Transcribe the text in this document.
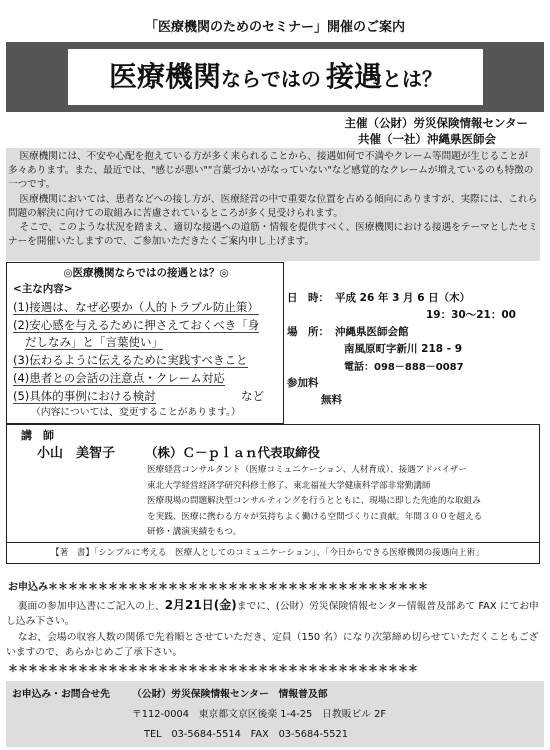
「医療機関のためのセミナー」開催のご案内
医療機関ならではの 接遇とは？
主催（公財）労災保険情報センター
共催（一社）沖縄県医師会

医療機関には、不安や心配を抱えている方が多く来られることから、接遇如何で不満やクレーム等問題が生じることが多々あります。また、最近では、"感じが悪い""言葉づかいがなっていない"など感覚的なクレームが増えているのも特徴の一つです。

医療機関においては、患者などへの接し方が、医療経営の中で重要な位置を占める傾向にありますが、実際には、これら問題の解決に向けての取組みに苦慮されているところが多く見受けられます。

そこで、このような状況を踏まえ、適切な接遇への道筋・情報を提供すべく、医療機関における接遇をテーマとしたセミナーを開催いたしますので、ご参加いただきたくご案内申し上げます。

◎医療機関ならではの接遇とは？◎
<主な内容>
(1)接遇は、なぜ必要か（人的トラブル防止策）
(2)安心感を与えるために押さえておくべき「身
だしなみ」と「言葉使い」
(3)伝わるように伝えるために実践すべきこと
(4)患者との会話の注意点・クレーム対応
(5)具体的事例における検討	など
（内容については、変更することがあります。）
日　時： 平成 26 年 3 月 6 日（木）
19：30～21：00
場　所： 沖縄県医師会館
南風原町字新川 218 - 9
電話：098－888－0087
参加料
無料
講　師
小山　美智子 （株）Ｃ－ｐｌａｎ代表取締役
医療経営コンサルタント（医療コミュニケーション、人材育成）、接遇アドバイザー
東北大学経営経済学研究科修士修了、東北福祉大学健康科学部非常勤講師
医療現場の問題解決型コンサルティングを行うとともに、現場に即した先進的な取組み
を実践、医療に携わる方々が気持ちよく働ける空間づくりに貢献。年間３００を超える
研修・講演実績をもつ。
【著　書】「シンプルに考える　医療人としてのコミュニケーション」、「今日からできる医療機関の接遇向上術」
お申込み＊＊＊＊＊＊＊＊＊＊＊＊＊＊＊＊＊＊＊＊＊＊＊＊＊＊＊＊＊＊＊＊＊＊＊＊＊＊

裏面の参加申込書にご記入の上、2月21日(金)までに、(公財）労災保険情報センター情報普及部あて FAX にてお申し込み下さい。

なお、会場の収容人数の関係で先着順とさせていただき、定員（150 名）になり次第締め切らせていただくこともございますので、あらかじめご了承下さい。

＊＊＊＊＊＊＊＊＊＊＊＊＊＊＊＊＊＊＊＊＊＊＊＊＊＊＊＊＊＊＊＊＊＊＊＊＊＊＊＊＊
お申込み・お問合せ先 （公財）労災保険情報センター　情報普及部
〒112-0004　東京都文京区後楽 1-4-25　日教販ビル 2F
TEL　03-5684-5514　FAX　03-5684-5521
